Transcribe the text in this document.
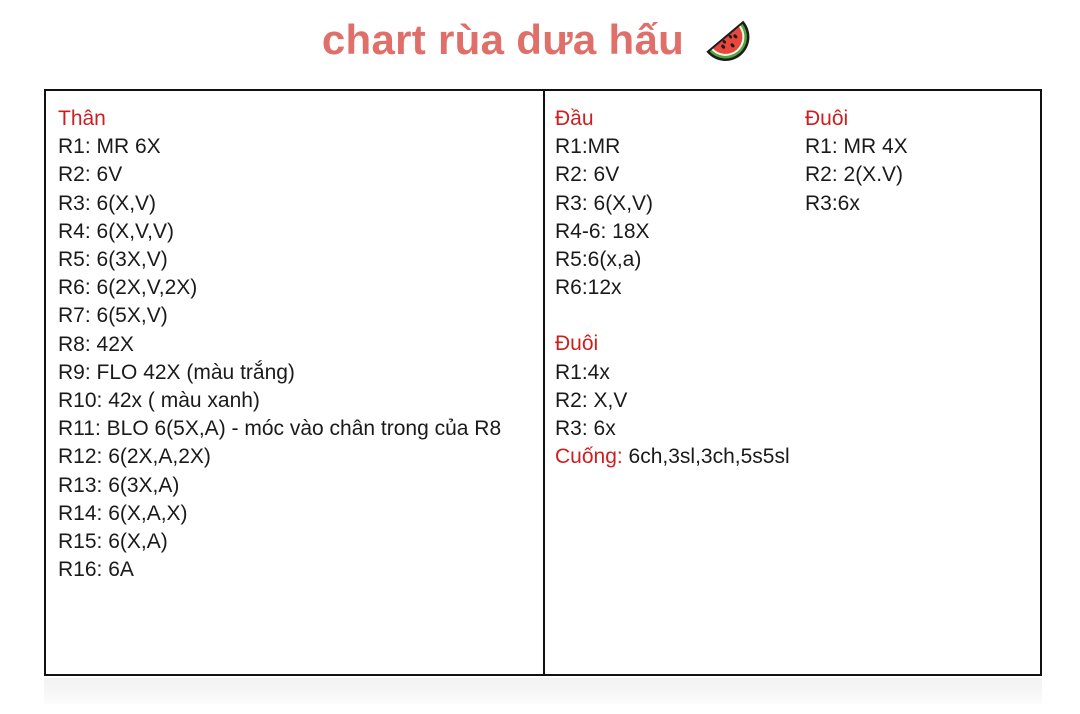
chart rùa dưa hấu
Thân
R1: MR 6X
R2: 6V
R3: 6(X,V)
R4: 6(X,V,V)
R5: 6(3X,V)
R6: 6(2X,V,2X)
R7: 6(5X,V)
R8: 42X
R9: FLO 42X (màu trắng)
R10: 42x ( màu xanh)
R11: BLO 6(5X,A) - móc vào chân trong của R8
R12: 6(2X,A,2X)
R13: 6(3X,A)
R14: 6(X,A,X)
R15: 6(X,A)
R16: 6A
Đầu
R1:MR
R2: 6V
R3: 6(X,V)
R4-6: 18X
R5:6(x,a)
R6:12x
Đuôi
R1: MR 4X
R2: 2(X.V)
R3:6x
Đuôi
R1:4x
R2: X,V
R3: 6x
Cuống: 6ch,3sl,3ch,5s5sl
